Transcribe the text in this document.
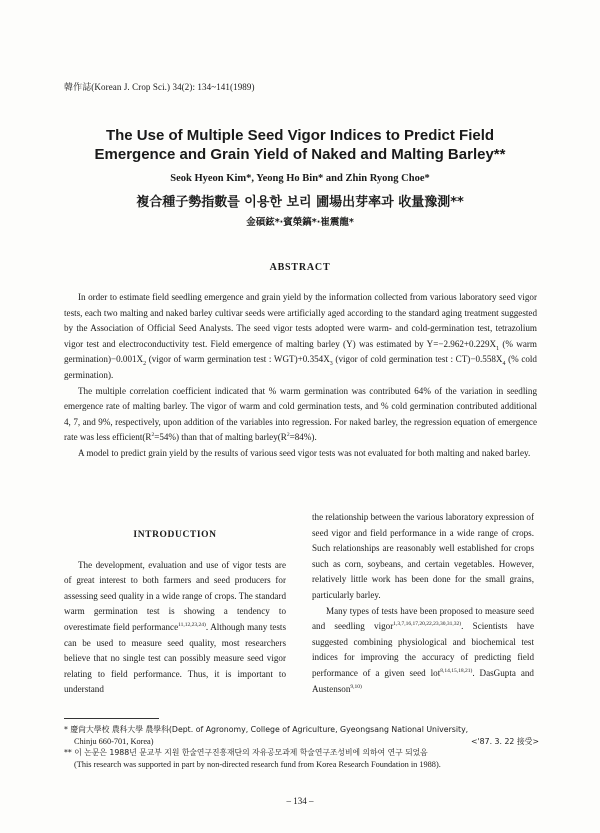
韓作誌(Korean J. Crop Sci.) 34(2): 134~141(1989)
The Use of Multiple Seed Vigor Indices to Predict Field
Emergence and Grain Yield of Naked and Malting Barley**
Seok Hyeon Kim*, Yeong Ho Bin* and Zhin Ryong Choe*
複合種子勢指數를 이용한 보리 圃場出芽率과 收量豫測**
金碩鉉*·賓榮鎬*·崔震龍*
ABSTRACT

In order to estimate field seedling emergence and grain yield by the information collected from various laboratory seed vigor tests, each two malting and naked barley cultivar seeds were artificially aged according to the standard aging treatment suggested by the Association of Official Seed Analysts. The seed vigor tests adopted were warm- and cold-germination test, tetrazolium vigor test and electroconductivity test. Field emergence of malting barley (Y) was estimated by $Y=-2.962+0.229X_1$ (% warm $germination)-0.001X_2$ (vigor of warm germination test : $WGT)+0.354X_3$ (vigor of cold germination test : $CT)-0.558X_4$ (% cold germination).

The multiple correlation coefficient indicated that % warm germination was contributed 64% of the variation in seedling emergence rate of malting barley. The vigor of warm and cold germination tests, and % cold germination contributed additional 4, 7, and 9%, respectively, upon addition of the variables into regression. For naked barley, the regression equation of emergence rate was less $efficient(R^2=54\%)$ than that of malting $barley(R^2=84\%)$.

A model to predict grain yield by the results of various seed vigor tests was not evaluated for both malting and naked barley.

INTRODUCTION

The development, evaluation and use of vigor tests are of great interest to both farmers and seed producers for assessing seed quality in a wide range of crops. The standard warm germination test is showing a tendency to overestimate field performance$^{11,12,23,24)}$. Although many tests can be used to measure seed quality, most researchers believe that no single test can possibly measure seed vigor relating to field performance. Thus, it is important to understand

the relationship between the various laboratory expression of seed vigor and field performance in a wide range of crops. Such relationships are reasonably well established for crops such as corn, soybeans, and certain vegetables. However, relatively little work has been done for the small grains, particularly barley.

Many types of tests have been proposed to measure seed and seedling vigor$^{1,3,7,16,17,20,22,23,30,31,32)}$. Scientists have suggested combining physiological and biochemical test indices for improving the accuracy of predicting field performance of a given seed lot$^{8,14,15,18,21)}$. DasGupta and Austenson$^{9,10)}$

* 慶尙大學校 農科大學 農學科(Dept. of Agronomy, College of Agriculture, Gyeongsang National University,
Chinju 660-701, Korea)	<'87. 3. 22 接受>
** 이 논문은 1988년 문교부 지원 한술연구진흥재단의 자유공모과제 학술연구조성비에 의하여 연구 되었음
(This research was supported in part by non-directed research fund from Korea Research Foundation in 1988).
– 134 –
